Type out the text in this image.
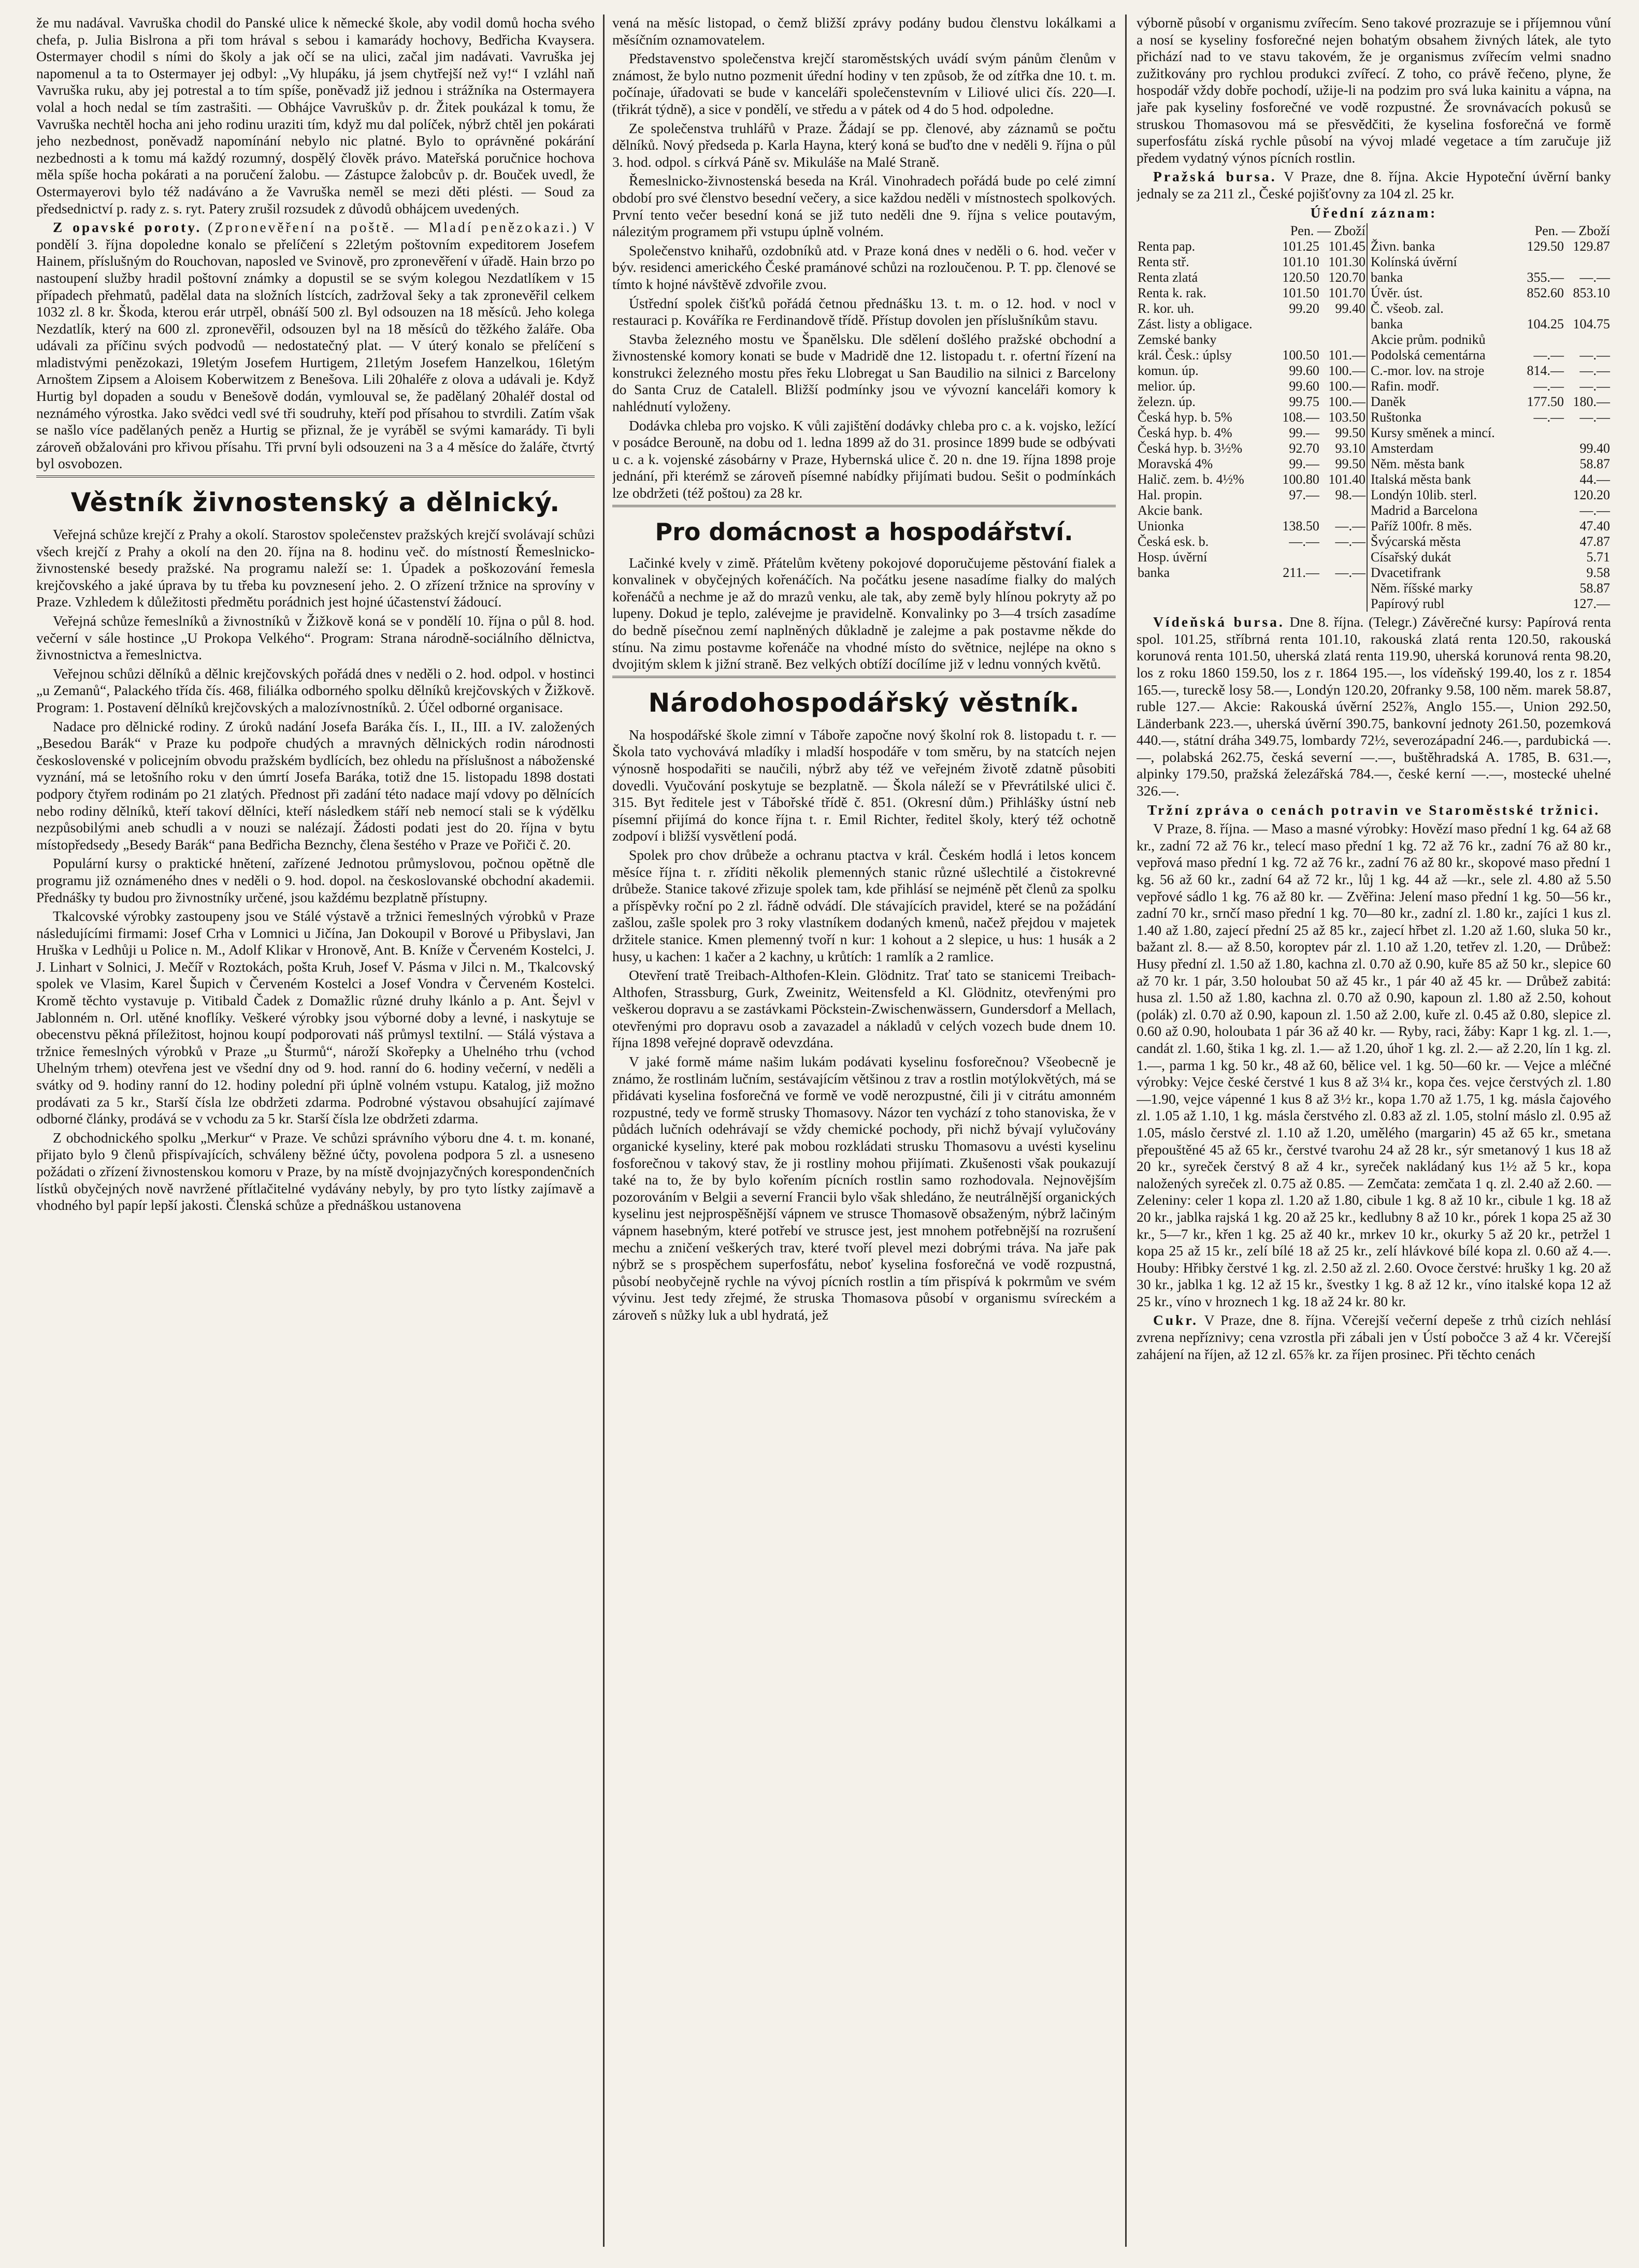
že mu nadával. Vavruška chodil do Panské ulice k německé škole, aby vodil domů hocha svého chefa, p. Julia Bislrona a při tom hrával s sebou i kamarády hochovy, Bedřicha Kvaysera. Ostermayer chodil s ními do školy a jak očí se na ulici, začal jim nadávati. Vavruška jej napomenul a ta to Ostermayer jej odbyl: „Vy hlupáku, já jsem chytřejší než vy!“ I vzláhl naň Vavruška ruku, aby jej potrestal a to tím spíše, poněvadž již jednou i strážníka na Ostermayera volal a hoch nedal se tím zastrašiti. — Obhájce Vavruškův p. dr. Žitek poukázal k tomu, že Vavruška nechtěl hocha ani jeho rodinu uraziti tím, když mu dal políček, nýbrž chtěl jen pokárati jeho nezbednost, poněvadž napomínání nebylo nic platné. Bylo to oprávněné pokárání nezbednosti a k tomu má každý rozumný, dospělý člověk právo. Mateřská poručnice hochova měla spíše hocha pokárati a na poručení žalobu. — Zástupce žalobcův p. dr. Bouček uvedl, že Ostermayerovi bylo též nadáváno a že Vavruška neměl se mezi děti plésti. — Soud za předsednictví p. rady z. s. ryt. Patery zrušil rozsudek z důvodů obhájcem uvedených.

Z opavské poroty. (Zpronevěření na poště. — Mladí penězokazi.) V pondělí 3. října dopoledne konalo se přelíčení s 22letým poštovním expeditorem Josefem Hainem, příslušným do Rouchovan, naposled ve Svinově, pro zpronevěření v úřadě. Hain brzo po nastoupení služby hradil poštovní známky a dopustil se se svým kolegou Nezdatlíkem v 15 případech přehmatů, padělal data na složních lístcích, zadržoval šeky a tak zpronevěřil celkem 1032 zl. 8 kr. Škoda, kterou erár utrpěl, obnáší 500 zl. Byl odsouzen na 18 měsíců. Jeho kolega Nezdatlík, který na 600 zl. zpronevěřil, odsouzen byl na 18 měsíců do těžkého žaláře. Oba udávali za příčinu svých podvodů — nedostatečný plat. — V úterý konalo se přelíčení s mladistvými penězokazi, 19letým Josefem Hurtigem, 21letým Josefem Hanzelkou, 16letým Arnoštem Zipsem a Aloisem Koberwitzem z Benešova. Lili 20haléře z olova a udávali je. Když Hurtig byl dopaden a soudu v Benešově dodán, vymlouval se, že padělaný 20haléř dostal od neznámého výrostka. Jako svědci vedl své tři soudruhy, kteří pod přísahou to stvrdili. Zatím však se našlo více padělaných peněz a Hurtig se přiznal, že je vyráběl se svými kamarády. Ti byli zároveň obžalováni pro křivou přísahu. Tři první byli odsouzeni na 3 a 4 měsíce do žaláře, čtvrtý byl osvobozen.

Věstník živnostenský a dělnický.

Veřejná schůze krejčí z Prahy a okolí. Starostov společenstev pražských krejčí svolávají schůzi všech krejčí z Prahy a okolí na den 20. října na 8. hodinu več. do místností Řemeslnicko-živnostenské besedy pražské. Na programu naleží se: 1. Úpadek a poškozování řemesla krejčovského a jaké úprava by tu třeba ku povznesení jeho. 2. O zřízení tržnice na sprovíny v Praze. Vzhledem k důležitosti předmětu porádnich jest hojné účastenství žádoucí.

Veřejná schůze řemeslníků a živnostníků v Žižkově koná se v pondělí 10. října o půl 8. hod. večerní v sále hostince „U Prokopa Velkého“. Program: Strana národně-sociálního dělnictva, živnostnictva a řemeslnictva.

Veřejnou schůzi dělníků a dělnic krejčovských pořádá dnes v neděli o 2. hod. odpol. v hostinci „u Zemanů“, Palackého třída čís. 468, filiálka odborného spolku dělníků krejčovských v Žižkově. Program: 1. Postavení dělníků krejčovských a malozívnostníků. 2. Účel odborné organisace.

Nadace pro dělnické rodiny. Z úroků nadání Josefa Baráka čís. I., II., III. a IV. založených „Besedou Barák“ v Praze ku podpoře chudých a mravných dělnických rodin národnosti československé v policejním obvodu pražském bydlících, bez ohledu na příslušnost a náboženské vyznání, má se letošního roku v den úmrtí Josefa Baráka, totiž dne 15. listopadu 1898 dostati podpory čtyřem rodinám po 21 zlatých. Přednost při zadání této nadace mají vdovy po dělnících nebo rodiny dělníků, kteří takoví dělníci, kteří následkem stáří neb nemocí stali se k výdělku nezpůsobilými aneb schudli a v nouzi se nalézají. Žádosti podati jest do 20. října v bytu místopředsedy „Besedy Barák“ pana Bedřicha Beznchy, člena šestého v Praze ve Pořiči č. 20.

Populární kursy o praktické hnětení, zařízené Jednotou průmyslovou, počnou opětně dle programu již oznámeného dnes v neděli o 9. hod. dopol. na českoslovanské obchodní akademii. Přednášky ty budou pro živnostníky určené, jsou každému bezplatně přístupny.

Tkalcovské výrobky zastoupeny jsou ve Stálé výstavě a tržnici řemeslných výrobků v Praze následujícími firmami: Josef Crha v Lomnici u Jičína, Jan Dokoupil v Borové u Přibyslavi, Jan Hruška v Ledhůji u Police n. M., Adolf Klikar v Hronově, Ant. B. Kníže v Červeném Kostelci, J. J. Linhart v Solnici, J. Mečíř v Roztokách, pošta Kruh, Josef V. Pásma v Jilci n. M., Tkalcovský spolek ve Vlasim, Karel Šupich v Červeném Kostelci a Josef Vondra v Červeném Kostelci. Kromě těchto vystavuje p. Vitibald Čadek z Domažlic různé druhy lkánlo a p. Ant. Šejvl v Jablonném n. Orl. utěné knoflíky. Veškeré výrobky jsou výborné doby a levné, i naskytuje se obecenstvu pěkná příležitost, hojnou koupí podporovati náš průmysl textilní. — Stálá výstava a tržnice řemeslných výrobků v Praze „u Šturmů“, nároží Skořepky a Uhelného trhu (vchod Uhelným trhem) otevřena jest ve všední dny od 9. hod. ranní do 6. hodiny večerní, v neděli a svátky od 9. hodiny ranní do 12. hodiny polední při úplně volném vstupu. Katalog, již možno prodávati za 5 kr., Starší čísla lze obdržeti zdarma. Podrobné výstavou obsahující zajímavé odborné články, prodává se v vchodu za 5 kr. Starší čísla lze obdržeti zdarma.

Z obchodnického spolku „Merkur“ v Praze. Ve schůzi správního výboru dne 4. t. m. konané, přijato bylo 9 členů přispívajících, schváleny běžné účty, povolena podpora 5 zl. a usneseno požádati o zřízení živnostenskou komoru v Praze, by na místě dvojnjazyčných korespondenčních lístků obyčejných nově navržené přítlačitelné vydávány nebyly, by pro tyto lístky zajímavě a vhodného byl papír lepší jakosti. Členská schůze a přednáškou ustanovena

vená na měsíc listopad, o čemž bližší zprávy podány budou členstvu lokálkami a měsíčním oznamovatelem.

Představenstvo společenstva krejčí staroměstských uvádí svým pánům členům v známost, že bylo nutno pozmenit úřední hodiny v ten způsob, že od zítřka dne 10. t. m. počínaje, úřadovati se bude v kanceláři společenstevním v Liliové ulici čís. 220—I. (třikrát týdně), a sice v pondělí, ve středu a v pátek od 4 do 5 hod. odpoledne.

Ze společenstva truhlářů v Praze. Žádají se pp. členové, aby záznamů se počtu dělníků. Nový předseda p. Karla Hayna, který koná se buďto dne v neděli 9. října o půl 3. hod. odpol. s církvá Páně sv. Mikuláše na Malé Straně.

Řemeslnicko-živnostenská beseda na Král. Vinohradech pořádá bude po celé zimní období pro své členstvo besední večery, a sice každou neděli v místnostech spolkových. První tento večer besední koná se již tuto neděli dne 9. října s velice poutavým, nálezitým programem při vstupu úplně volném.

Společenstvo knihařů, ozdobníků atd. v Praze koná dnes v neděli o 6. hod. večer v býv. residenci amerického České pramánové schůzi na rozloučenou. P. T. pp. členové se tímto k hojné návštěvě zdvořile zvou.

Ústřední spolek čišťků pořádá četnou přednášku 13. t. m. o 12. hod. v nocl v restauraci p. Kováříka re Ferdinandově třídě. Přístup dovolen jen příslušníkům stavu.

Stavba železného mostu ve Španělsku. Dle sdělení došlého pražské obchodní a živnostenské komory konati se bude v Madridě dne 12. listopadu t. r. ofertní řízení na konstrukci železného mostu přes řeku Llobregat u San Baudilio na silnici z Barcelony do Santa Cruz de Catalell. Bližší podmínky jsou ve vývozní kanceláři komory k nahlédnutí vyloženy.

Dodávka chleba pro vojsko. K vůli zajištění dodávky chleba pro c. a k. vojsko, ležící v posádce Berouně, na dobu od 1. ledna 1899 až do 31. prosince 1899 bude se odbývati u c. a k. vojenské zásobárny v Praze, Hybernská ulice č. 20 n. dne 19. října 1898 proje jednání, při kterémž se zároveň písemné nabídky přijímati budou. Sešit o podmínkách lze obdržeti (též poštou) za 28 kr.

Pro domácnost a hospodářství.

Lačinké kvely v zimě. Přátelům květeny pokojové doporučujeme pěstování fialek a konvalinek v obyčejných kořenáčích. Na počátku jesene nasadíme fialky do malých kořenáčů a nechme je až do mrazů venku, ale tak, aby země byly hlínou pokryty až po lupeny. Dokud je teplo, zalévejme je pravidelně. Konvalinky po 3—4 trsích zasadíme do bedně písečnou zemí naplněných důkladně je zalejme a pak postavme někde do stínu. Na zimu postavme kořenáče na vhodné místo do světnice, nejlépe na okno s dvojitým sklem k jižní straně. Bez velkých obtíží docílíme již v lednu vonných květů.

Národohospodářský věstník.

Na hospodářské škole zimní v Táboře započne nový školní rok 8. listopadu t. r. — Škola tato vychovává mladíky i mladší hospodáře v tom směru, by na statcích nejen výnosně hospodařiti se naučili, nýbrž aby též ve veřejném životě zdatně působiti dovedli. Vyučování poskytuje se bezplatně. — Škola náleží se v Převrátilské ulici č. 315. Byt ředitele jest v Tábořské třídě č. 851. (Okresní dům.) Přihlášky ústní neb písemní přijímá do konce října t. r. Emil Richter, ředitel školy, který též ochotně zodpoví i bližší vysvětlení podá.

Spolek pro chov drůbeže a ochranu ptactva v král. Českém hodlá i letos koncem měsíce října t. r. zříditi několik plemenných stanic různé ušlechtilé a čistokrevné drůbeže. Stanice takové zřizuje spolek tam, kde přihlásí se nejméně pět členů za spolku a příspěvky roční po 2 zl. řádně odvádí. Dle stávajících pravidel, které se na požádání zašlou, zašle spolek pro 3 roky vlastníkem dodaných kmenů, načež přejdou v majetek držitele stanice. Kmen plemenný tvoří n kur: 1 kohout a 2 slepice, u hus: 1 husák a 2 husy, u kachen: 1 kačer a 2 kachny, u krůtích: 1 ramlík a 2 ramlice.

Otevření tratě Treibach-Althofen-Klein. Glödnitz. Trať tato se stanicemi Treibach-Althofen, Strassburg, Gurk, Zweinitz, Weitensfeld a Kl. Glödnitz, otevřenými pro veškerou dopravu a se zastávkami Pöckstein-Zwischenwässern, Gundersdorf a Mellach, otevřenými pro dopravu osob a zavazadel a nákladů v celých vozech bude dnem 10. října 1898 veřejné dopravě odevzdána.

V jaké formě máme našim lukám podávati kyselinu fosforečnou? Všeobecně je známo, že rostlinám lučním, sestávajícím většinou z trav a rostlin motýlokvětých, má se přidávati kyselina fosforečná ve formě ve vodě nerozpustné, čili ji v citrátu amonném rozpustné, tedy ve formě strusky Thomasovy. Názor ten vychází z toho stanoviska, že v půdách lučních odehrávají se vždy chemické pochody, při nichž bývají vylučovány organické kyseliny, které pak mobou rozkládati strusku Thomasovu a uvésti kyselinu fosforečnou v takový stav, že ji rostliny mohou přijímati. Zkušenosti však poukazují také na to, že by bylo kořením pícních rostlin samo rozhodovala. Nejnovějším pozorováním v Belgii a severní Francii bylo však shledáno, že neutrálnější organických kyselinu jest nejprospěšnější vápnem ve strusce Thomasově obsaženým, nýbrž lačiným vápnem hasebným, které potřebí ve strusce jest, jest mnohem potřebnější na rozrušení mechu a zničení veškerých trav, které tvoří plevel mezi dobrými tráva. Na jaře pak nýbrž se s prospěchem superfosfátu, neboť kyselina fosforečná ve vodě rozpustná, působí neobyčejně rychle na vývoj pícních rostlin a tím přispívá k pokrmům ve svém vývinu. Jest tedy zřejmé, že struska Thomasova působí v organismu svíreckém a zároveň s nůžky luk a ubl hydratá, jež

výborně působí v organismu zvířecím. Seno takové prozrazuje se i příjemnou vůní a nosí se kyseliny fosforečné nejen bohatým obsahem živných látek, ale tyto přichází nad to ve stavu takovém, že je organismus zvířecím velmi snadno zužitkovány pro rychlou produkci zvířecí. Z toho, co právě řečeno, plyne, že hospodář vždy dobře pochodí, užije-li na podzim pro svá luka kainitu a vápna, na jaře pak kyseliny fosforečné ve vodě rozpustné. Že srovnávacích pokusů se struskou Thomasovou má se přesvědčiti, že kyselina fosforečná ve formě superfosfátu získá rychle působí na vývoj mladé vegetace a tím zaručuje již předem vydatný výnos pícních rostlin.

Pražská bursa. V Praze, dne 8. října. Akcie Hypoteční úvěrní banky jednaly se za 211 zl., České pojišťovny za 104 zl. 25 kr.

Úřední záznam:
	Pen. — Zboží			Pen. — Zboží	
Renta pap.	101.25	101.45	Živn. banka	129.50	129.87
Renta stř.	101.10	101.30	Kolínská úvěrní		
Renta zlatá	120.50	120.70	banka	355.—	—.—
Renta k. rak.	101.50	101.70	Úvěr. úst.	852.60	853.10
R. kor. uh.	99.20	99.40	Č. všeob. zal.		
Zást. listy a obligace.			banka	104.25	104.75
Zemské banky			Akcie prům. podniků		
král. Česk.: úplsy	100.50	101.—	Podolská cementárna	—.—	—.—
komun. úp.	99.60	100.—	C.-mor. lov. na stroje	814.—	—.—
melior. úp.	99.60	100.—	Rafin. modř.	—.—	—.—
železn. úp.	99.75	100.—	Daněk	177.50	180.—
Česká hyp. b. 5%	108.—	103.50	Ruštonka	—.—	—.—
Česká hyp. b. 4%	99.—	99.50	Kursy směnek a mincí.		
Česká hyp. b. 3½%	92.70	93.10	Amsterdam		99.40
Moravská 4%	99.—	99.50	Něm. města bank		58.87
Halič. zem. b. 4½%	100.80	101.40	Italská města bank		44.—
Hal. propin.	97.—	98.—	Londýn 10lib. sterl.		120.20
Akcie bank.			Madrid a Barcelona		—.—
Unionka	138.50	—.—	Paříž 100fr. 8 měs.		47.40
Česká esk. b.	—.—	—.—	Švýcarská města		47.87
Hosp. úvěrní			Císařský dukát		5.71
banka	211.—	—.—	Dvacetifrank		9.58
			Něm. říšské marky		58.87
			Papírový rubl		127.—

Vídeňská bursa. Dne 8. října. (Telegr.) Závěrečné kursy: Papírová renta spol. 101.25, stříbrná renta 101.10, rakouská zlatá renta 120.50, rakouská korunová renta 101.50, uherská zlatá renta 119.90, uherská korunová renta 98.20, los z roku 1860 159.50, los z r. 1864 195.—, los vídeňský 199.40, los z r. 1854 165.—, tureckě losy 58.—, Londýn 120.20, 20franky 9.58, 100 něm. marek 58.87, ruble 127.— Akcie: Rakouská úvěrní 252⅞, Anglo 155.—, Union 292.50, Länderbank 223.—, uherská úvěrní 390.75, bankovní jednoty 261.50, pozemková 440.—, státní dráha 349.75, lombardy 72½, severozápadní 246.—, pardubická —.—, polabská 262.75, česká severní —.—, buštěhradská A. 1785, B. 631.—, alpinky 179.50, pražská železářská 784.—, české kerní —.—, mostecké uhelné 326.—.

Tržní zpráva o cenách potravin ve Staroměstské tržnici.

V Praze, 8. října. — Maso a masné výrobky: Hovězí maso přední 1 kg. 64 až 68 kr., zadní 72 až 76 kr., telecí maso přední 1 kg. 72 až 76 kr., zadní 76 až 80 kr., vepřová maso přední 1 kg. 72 až 76 kr., zadní 76 až 80 kr., skopové maso přední 1 kg. 56 až 60 kr., zadní 64 až 72 kr., lůj 1 kg. 44 až —kr., sele zl. 4.80 až 5.50 vepřové sádlo 1 kg. 76 až 80 kr. — Zvěřina: Jelení maso přední 1 kg. 50—56 kr., zadní 70 kr., srnčí maso přední 1 kg. 70—80 kr., zadní zl. 1.80 kr., zajíci 1 kus zl. 1.40 až 1.80, zajecí přední 25 až 85 kr., zajecí hřbet zl. 1.20 až 1.60, sluka 50 kr., bažant zl. 8.— až 8.50, koroptev pár zl. 1.10 až 1.20, tetřev zl. 1.20, — Drůbež: Husy přední zl. 1.50 až 1.80, kachna zl. 0.70 až 0.90, kuře 85 až 50 kr., slepice 60 až 70 kr. 1 pár, 3.50 holoubat 50 až 45 kr., 1 pár 40 až 45 kr. — Drůbež zabitá: husa zl. 1.50 až 1.80, kachna zl. 0.70 až 0.90, kapoun zl. 1.80 až 2.50, kohout (polák) zl. 0.70 až 0.90, kapoun zl. 1.50 až 2.00, kuře zl. 0.45 až 0.80, slepice zl. 0.60 až 0.90, holoubata 1 pár 36 až 40 kr. — Ryby, raci, žáby: Kapr 1 kg. zl. 1.—, candát zl. 1.60, štika 1 kg. zl. 1.— až 1.20, úhoř 1 kg. zl. 2.— až 2.20, lín 1 kg. zl. 1.—, parma 1 kg. 50 kr., 48 až 60, bělice vel. 1 kg. 50—60 kr. — Vejce a mléčné výrobky: Vejce české čerstvé 1 kus 8 až 3¼ kr., kopa čes. vejce čerstvých zl. 1.80—1.90, vejce vápenné 1 kus 8 až 3½ kr., kopa 1.70 až 1.75, 1 kg. másla čajového zl. 1.05 až 1.10, 1 kg. másla čerstvého zl. 0.83 až zl. 1.05, stolní máslo zl. 0.95 až 1.05, máslo čerstvé zl. 1.10 až 1.20, umělého (margarin) 45 až 65 kr., smetana přepouštěné 45 až 65 kr., čerstvé tvarohu 24 až 28 kr., sýr smetanový 1 kus 18 až 20 kr., syreček čerstvý 8 až 4 kr., syreček nakládaný kus 1½ až 5 kr., kopa naložených syreček zl. 0.75 až 0.85. — Zemčata: zemčata 1 q. zl. 2.40 až 2.60. — Zeleniny: celer 1 kopa zl. 1.20 až 1.80, cibule 1 kg. 8 až 10 kr., cibule 1 kg. 18 až 20 kr., jablka rajská 1 kg. 20 až 25 kr., kedlubny 8 až 10 kr., pórek 1 kopa 25 až 30 kr., 5—7 kr., křen 1 kg. 25 až 40 kr., mrkev 10 kr., okurky 5 až 20 kr., petržel 1 kopa 25 až 15 kr., zelí bílé 18 až 25 kr., zelí hlávkové bílé kopa zl. 0.60 až 4.—. Houby: Hřibky čerstvé 1 kg. zl. 2.50 až zl. 2.60. Ovoce čerstvé: hrušky 1 kg. 20 až 30 kr., jablka 1 kg. 12 až 15 kr., švestky 1 kg. 8 až 12 kr., víno italské kopa 12 až 25 kr., víno v hroznech 1 kg. 18 až 24 kr. 80 kr.

Cukr. V Praze, dne 8. října. Včerejší večerní depeše z trhů cizích nehlásí zvrena nepříznivy; cena vzrostla při zábali jen v Ústí pobočce 3 až 4 kr. Včerejší zahájení na říjen, až 12 zl. 65⅞ kr. za říjen prosinec. Při těchto cenách
